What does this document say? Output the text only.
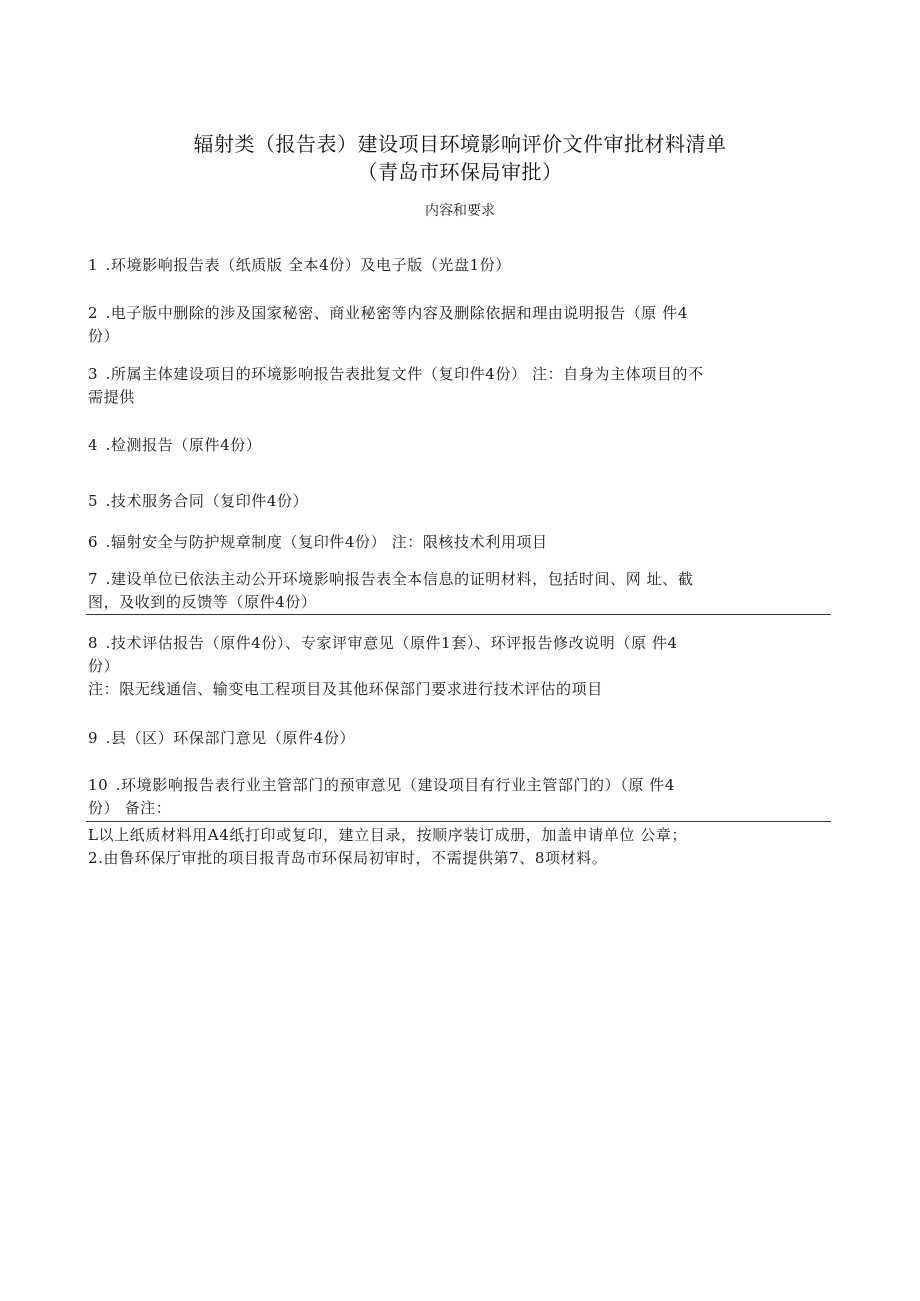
辐射类（报告表）建设项目环境影响评价文件审批材料清单
（青岛市环保局审批）
内容和要求
1 .环境影响报告表（纸质版 全本4份）及电子版（光盘1份）
2 .电子版中删除的涉及国家秘密、商业秘密等内容及删除依据和理由说明报告（原 件4
份）
3 .所属主体建设项目的环境影响报告表批复文件（复印件4份） 注：自身为主体项目的不
需提供
4 .检测报告（原件4份）
5 .技术服务合同（复印件4份）
6 .辐射安全与防护规章制度（复印件4份） 注：限核技术利用项目
7 .建设单位已依法主动公开环境影响报告表全本信息的证明材料，包括时间、网 址、截
图，及收到的反馈等（原件4份）
8 .技术评估报告（原件4份）、专家评审意见（原件1套）、环评报告修改说明（原 件4
份）
注：限无线通信、输变电工程项目及其他环保部门要求进行技术评估的项目
9 .县（区）环保部门意见（原件4份）
10 .环境影响报告表行业主管部门的预审意见（建设项目有行业主管部门的）（原 件4
份） 备注：
L以上纸质材料用A4纸打印或复印，建立目录，按顺序装订成册，加盖申请单位 公章；
2.由鲁环保厅审批的项目报青岛市环保局初审时，不需提供第7、8项材料。
